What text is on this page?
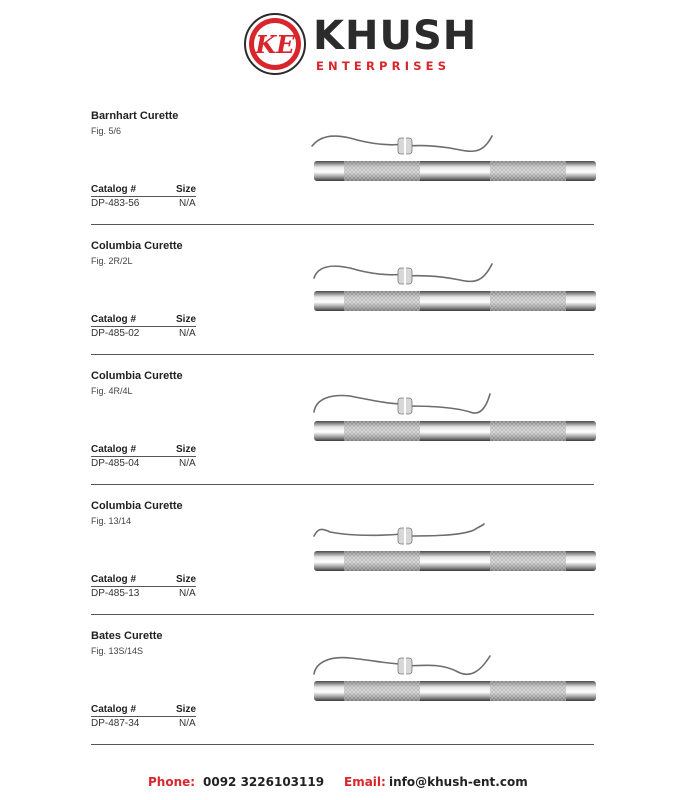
KE KHUSH
ENTERPRISES
Barnhart Curette
Fig. 5/6
Catalog #	Size
DP-483-56	N/A
Columbia Curette
Fig. 2R/2L
Catalog #	Size
DP-485-02	N/A
Columbia Curette
Fig. 4R/4L
Catalog #	Size
DP-485-04	N/A
Columbia Curette
Fig. 13/14
Catalog #	Size
DP-485-13	N/A
Bates Curette
Fig. 13S/14S
Catalog #	Size
DP-487-34	N/A
Phone: 0092 3226103119 Email: info@khush-ent.com
